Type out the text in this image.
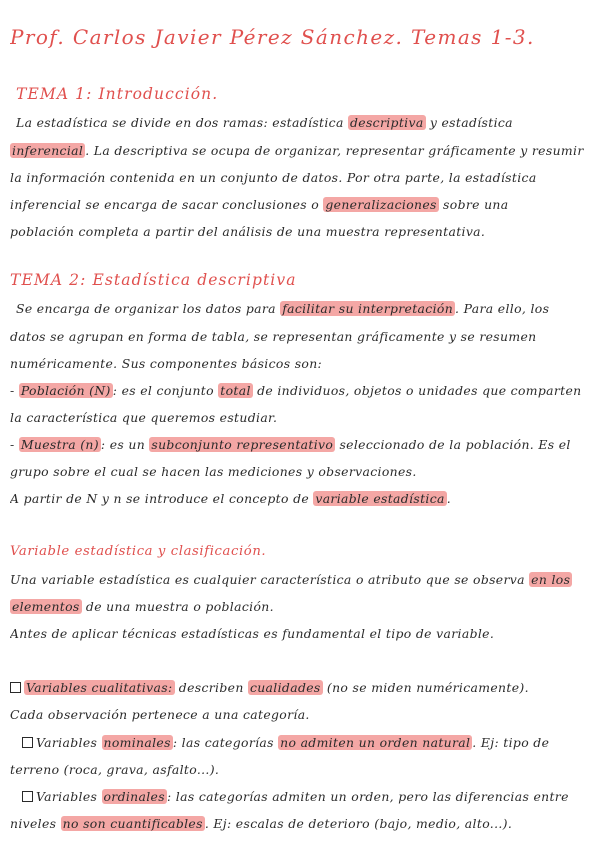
Prof. Carlos Javier Pérez Sánchez. Temas 1-3.
TEMA 1: Introducción.
La estadística se divide en dos ramas: estadística descriptiva y estadística
inferencial . La descriptiva se ocupa de organizar, representar gráficamente y resumir
la información contenida en un conjunto de datos. Por otra parte, la estadística
inferencial se encarga de sacar conclusiones o generalizaciones sobre una
población completa a partir del análisis de una muestra representativa.
TEMA 2: Estadística descriptiva
Se encarga de organizar los datos para facilitar su interpretación . Para ello, los
datos se agrupan en forma de tabla, se representan gráficamente y se resumen
numéricamente. Sus componentes básicos son:
- Población (N) : es el conjunto total de individuos, objetos o unidades que comparten
la característica que queremos estudiar.
- Muestra (n) : es un subconjunto representativo seleccionado de la población. Es el
grupo sobre el cual se hacen las mediciones y observaciones.
A partir de N y n se introduce el concepto de variable estadística .
Variable estadística y clasificación.
Una variable estadística es cualquier característica o atributo que se observa en los
elementos de una muestra o población.
Antes de aplicar técnicas estadísticas es fundamental el tipo de variable.
Variables cualitativas: describen cualidades (no se miden numéricamente).
Cada observación pertenece a una categoría.
Variables nominales : las categorías no admiten un orden natural . Ej: tipo de
terreno (roca, grava, asfalto...).
Variables ordinales : las categorías admiten un orden, pero las diferencias entre
niveles no son cuantificables . Ej: escalas de deterioro (bajo, medio, alto...).
